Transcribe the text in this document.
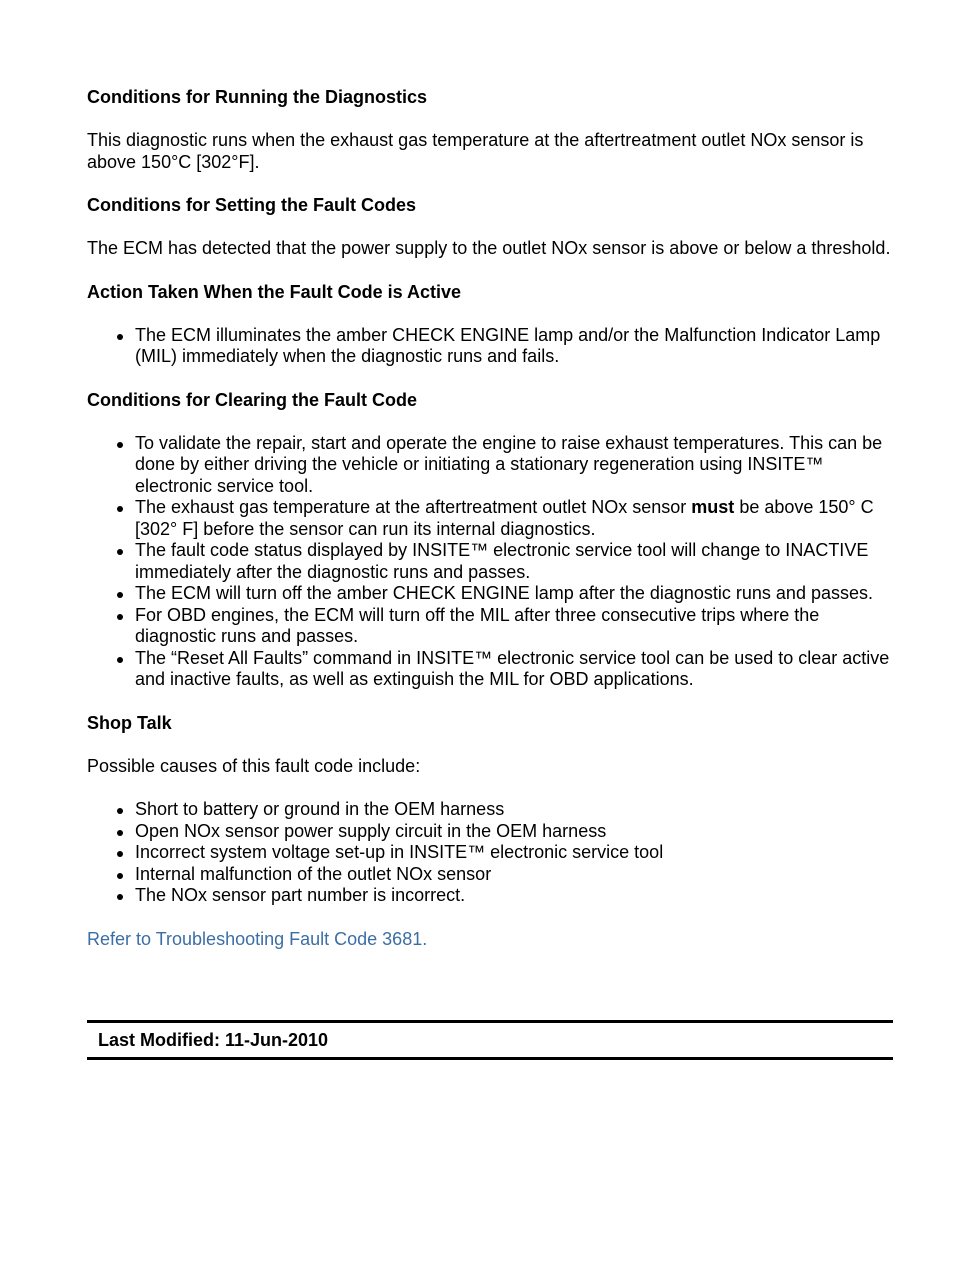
Conditions for Running the Diagnostics
This diagnostic runs when the exhaust gas temperature at the aftertreatment outlet NOx sensor is above 150°C [302°F].
Conditions for Setting the Fault Codes
The ECM has detected that the power supply to the outlet NOx sensor is above or below a threshold.
Action Taken When the Fault Code is Active
The ECM illuminates the amber CHECK ENGINE lamp and/or the Malfunction Indicator Lamp (MIL) immediately when the diagnostic runs and fails.
Conditions for Clearing the Fault Code
To validate the repair, start and operate the engine to raise exhaust temperatures. This can be done by either driving the vehicle or initiating a stationary regeneration using INSITE™ electronic service tool.
The exhaust gas temperature at the aftertreatment outlet NOx sensor must be above 150° C [302° F] before the sensor can run its internal diagnostics.
The fault code status displayed by INSITE™ electronic service tool will change to INACTIVE immediately after the diagnostic runs and passes.
The ECM will turn off the amber CHECK ENGINE lamp after the diagnostic runs and passes.
For OBD engines, the ECM will turn off the MIL after three consecutive trips where the diagnostic runs and passes.
The “Reset All Faults” command in INSITE™ electronic service tool can be used to clear active and inactive faults, as well as extinguish the MIL for OBD applications.
Shop Talk
Possible causes of this fault code include:
Short to battery or ground in the OEM harness
Open NOx sensor power supply circuit in the OEM harness
Incorrect system voltage set-up in INSITE™ electronic service tool
Internal malfunction of the outlet NOx sensor
The NOx sensor part number is incorrect.
Refer to Troubleshooting Fault Code 3681.
Last Modified: 11-Jun-2010
